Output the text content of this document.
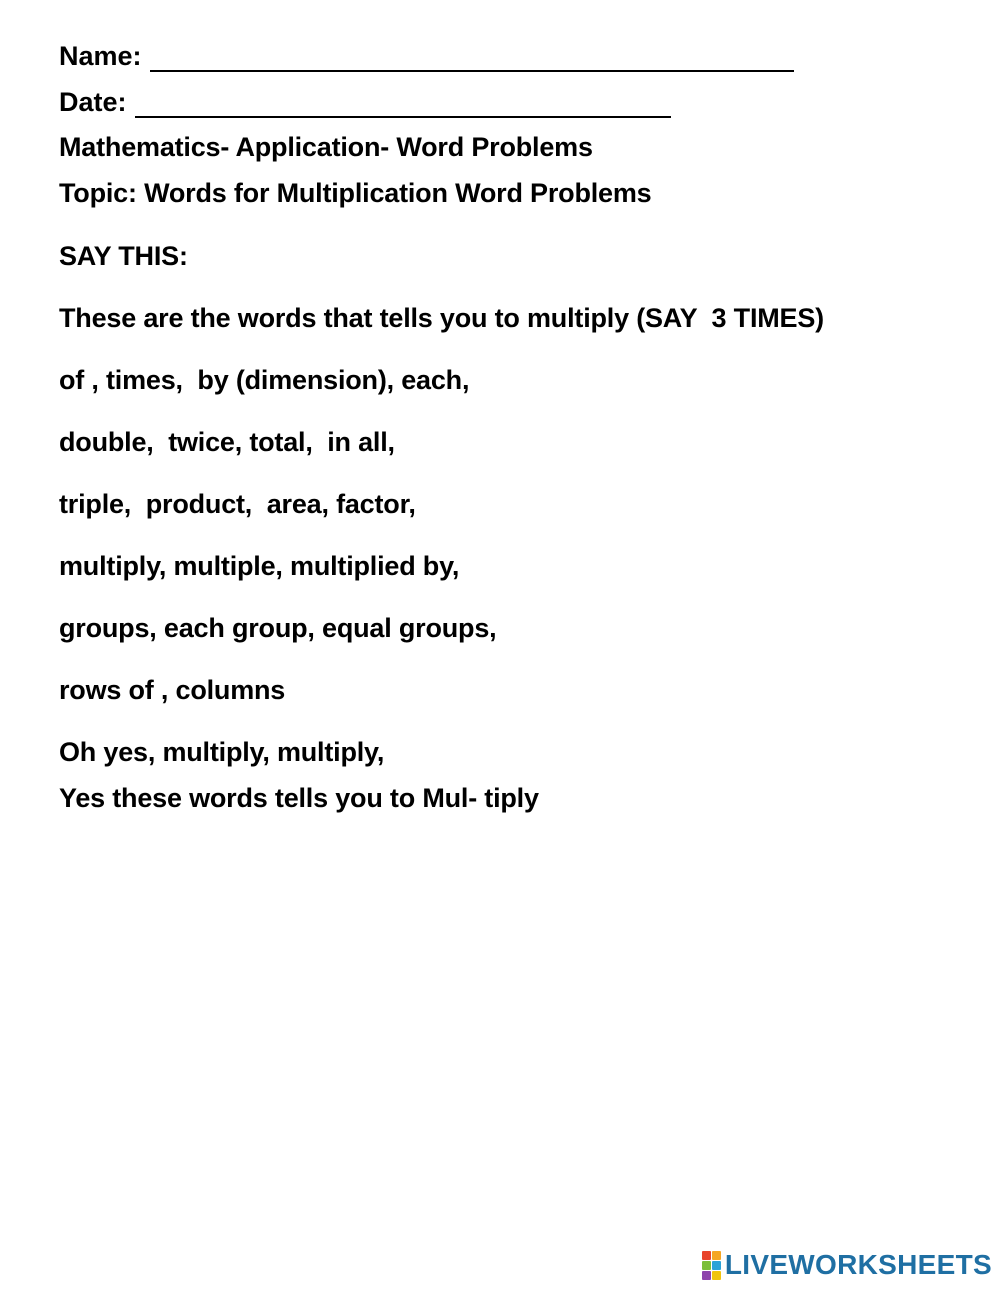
Name:
Date:
Mathematics- Application- Word Problems
Topic: Words for Multiplication Word Problems
SAY THIS:
These are the words that tells you to multiply (SAY  3 TIMES)
of , times,  by (dimension), each,
double,  twice, total,  in all,
triple,  product,  area, factor,
multiply, multiple, multiplied by,
groups, each group, equal groups,
rows of , columns
Oh yes, multiply, multiply,
Yes these words tells you to Mul- tiply
LIVEWORKSHEETS
